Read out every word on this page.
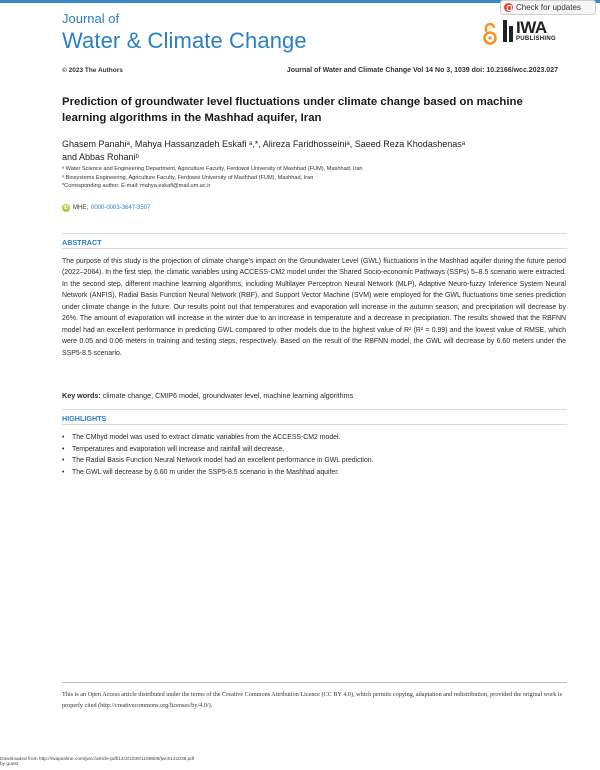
Journal of
Water & Climate Change
Check for updates
IWA
PUBLISHING
© 2023 The Authors	Journal of Water and Climate Change Vol 14 No 3, 1039 doi: 10.2166/wcc.2023.027
Prediction of groundwater level fluctuations under climate change based on machine learning algorithms in the Mashhad aquifer, Iran
Ghasem Panahiᵃ, Mahya Hassanzadeh Eskafi ᵃ,*, Alireza Faridhosseiniᵃ, Saeed Reza Khodashenasᵃ
and Abbas Rohaniᵇ
ᵃ Water Science and Engineering Department, Agriculture Faculty, Ferdowsi University of Mashhad (FUM), Mashhad, Iran
ᵇ Biosystems Engineering, Agriculture Faculty, Ferdowsi University of Mashhad (FUM), Mashhad, Iran
*Corresponding author. E-mail: mahya.eskafi@mail.um.ac.ir
iD MHE, 0000-0003-3647-3507
ABSTRACT
The purpose of this study is the projection of climate change's impact on the Groundwater Level (GWL) fluctuations in the Mashhad aquifer during the future period (2022–2064). In the first step, the climatic variables using ACCESS-CM2 model under the Shared Socio-economic Pathways (SSPs) 5–8.5 scenario were extracted. In the second step, different machine learning algorithms, including Multilayer Perceptron Neural Network (MLP), Adaptive Neuro-fuzzy Inference System Neural Network (ANFIS), Radial Basis Function Neural Network (RBF), and Support Vector Machine (SVM) were employed for the GWL fluctuations time series prediction under climate change in the future. Our results point out that temperatures and evaporation will increase in the autumn season, and precipitation will decrease by 26%. The amount of evaporation will increase in the winter due to an increase in temperature and a decrease in precipitation. The results showed that the RBFNN model had an excellent performance in predicting GWL compared to other models due to the highest value of R² (R² = 0.99) and the lowest value of RMSE, which were 0.05 and 0.06 meters in training and testing steps, respectively. Based on the result of the RBFNN model, the GWL will decrease by 6.60 meters under the SSP5-8.5 scenario.
Key words: climate change, CMIP6 model, groundwater level, machine learning algorithms
HIGHLIGHTS
• The CMhyd model was used to extract climatic variables from the ACCESS-CM2 model.
• Temperatures and evaporation will increase and rainfall will decrease.
• The Radial Basis Function Neural Network model had an excellent performance in GWL prediction.
• The GWL will decrease by 6.60 m under the SSP5-8.5 scenario in the Mashhad aquifer.
This is an Open Access article distributed under the terms of the Creative Commons Attribution Licence (CC BY 4.0), which permits copying, adaptation and redistribution, provided the original work is properly cited (http://creativecommons.org/licenses/by/4.0/).
Downloaded from http://iwaponline.com/jwcc/article-pdf/14/3/1039/1199809/jwc0141039.pdf
by guest
